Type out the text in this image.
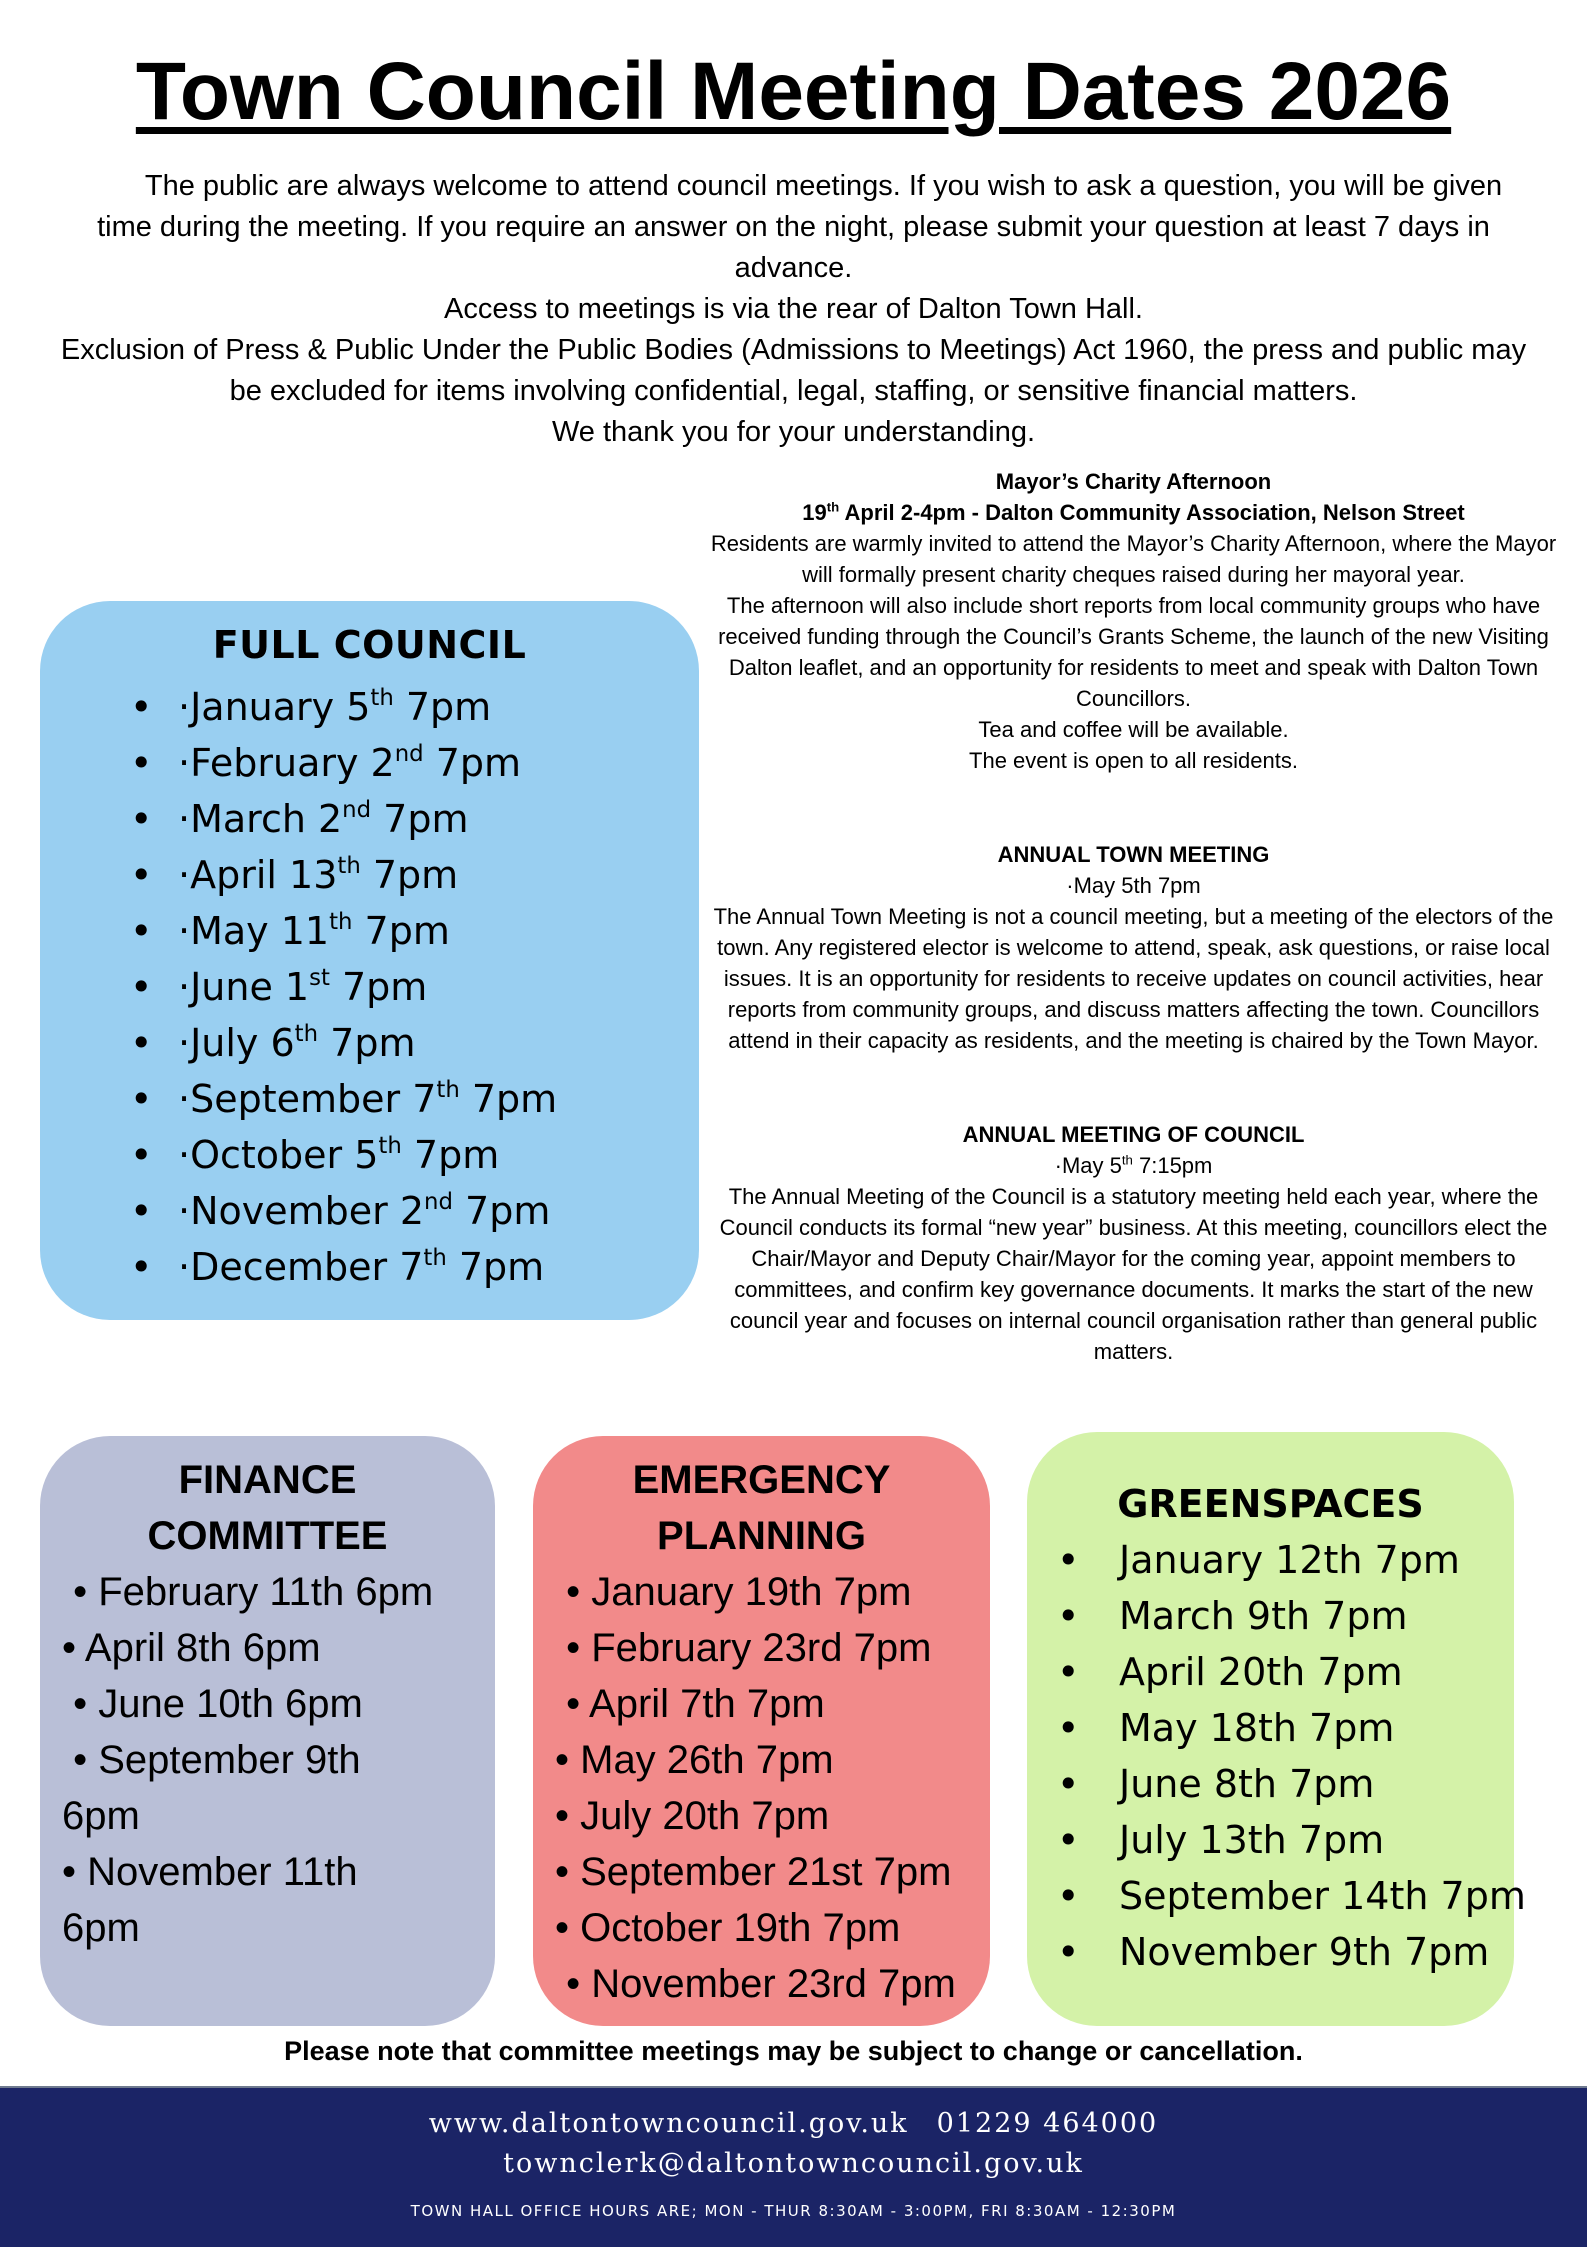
Town Council Meeting Dates 2026

The public are always welcome to attend council meetings. If you wish to ask a question, you will be given time during the meeting. If you require an answer on the night, please submit your question at least 7 days in advance.

Access to meetings is via the rear of Dalton Town Hall.

Exclusion of Press & Public Under the Public Bodies (Admissions to Meetings) Act 1960, the press and public may be excluded for items involving confidential, legal, staffing, or sensitive financial matters.

We thank you for your understanding.

Mayor’s Charity Afternoon

19th April 2-4pm - Dalton Community Association, Nelson Street

Residents are warmly invited to attend the Mayor’s Charity Afternoon, where the Mayor will formally present charity cheques raised during her mayoral year.

The afternoon will also include short reports from local community groups who have received funding through the Council’s Grants Scheme, the launch of the new Visiting Dalton leaflet, and an opportunity for residents to meet and speak with Dalton Town Councillors.

Tea and coffee will be available.

The event is open to all residents.

ANNUAL TOWN MEETING

·May 5th 7pm

The Annual Town Meeting is not a council meeting, but a meeting of the electors of the town. Any registered elector is welcome to attend, speak, ask questions, or raise local issues. It is an opportunity for residents to receive updates on council activities, hear reports from community groups, and discuss matters affecting the town. Councillors attend in their capacity as residents, and the meeting is chaired by the Town Mayor.

ANNUAL MEETING OF COUNCIL

·May 5th 7:15pm

The Annual Meeting of the Council is a statutory meeting held each year, where the Council conducts its formal “new year” business. At this meeting, councillors elect the Chair/Mayor and Deputy Chair/Mayor for the coming year, appoint members to committees, and confirm key governance documents. It marks the start of the new council year and focuses on internal council organisation rather than general public matters.

FULL COUNCIL
• ·January 5th 7pm
• ·February 2nd 7pm
• ·March 2nd 7pm
• ·April 13th 7pm
• ·May 11th 7pm
• ·June 1st 7pm
• ·July 6th 7pm
• ·September 7th 7pm
• ·October 5th 7pm
• ·November 2nd 7pm
• ·December 7th 7pm
FINANCE
COMMITTEE
• February 11th 6pm
• April 8th 6pm
• June 10th 6pm
• September 9th 6pm
• November 11th 6pm
EMERGENCY
PLANNING
• January 19th 7pm
• February 23rd 7pm
• April 7th 7pm
• May 26th 7pm
• July 20th 7pm
• September 21st 7pm
• October 19th 7pm
• November 23rd 7pm
GREENSPACES
• January 12th 7pm
• March 9th 7pm
• April 20th 7pm
• May 18th 7pm
• June 8th 7pm
• July 13th 7pm
• September 14th 7pm
• November 9th 7pm
Please note that committee meetings may be subject to change or cancellation.
www.daltontowncouncil.gov.uk 01229 464000
townclerk@daltontowncouncil.gov.uk
TOWN HALL OFFICE HOURS ARE; MON - THUR 8:30AM - 3:00PM, FRI 8:30AM - 12:30PM
